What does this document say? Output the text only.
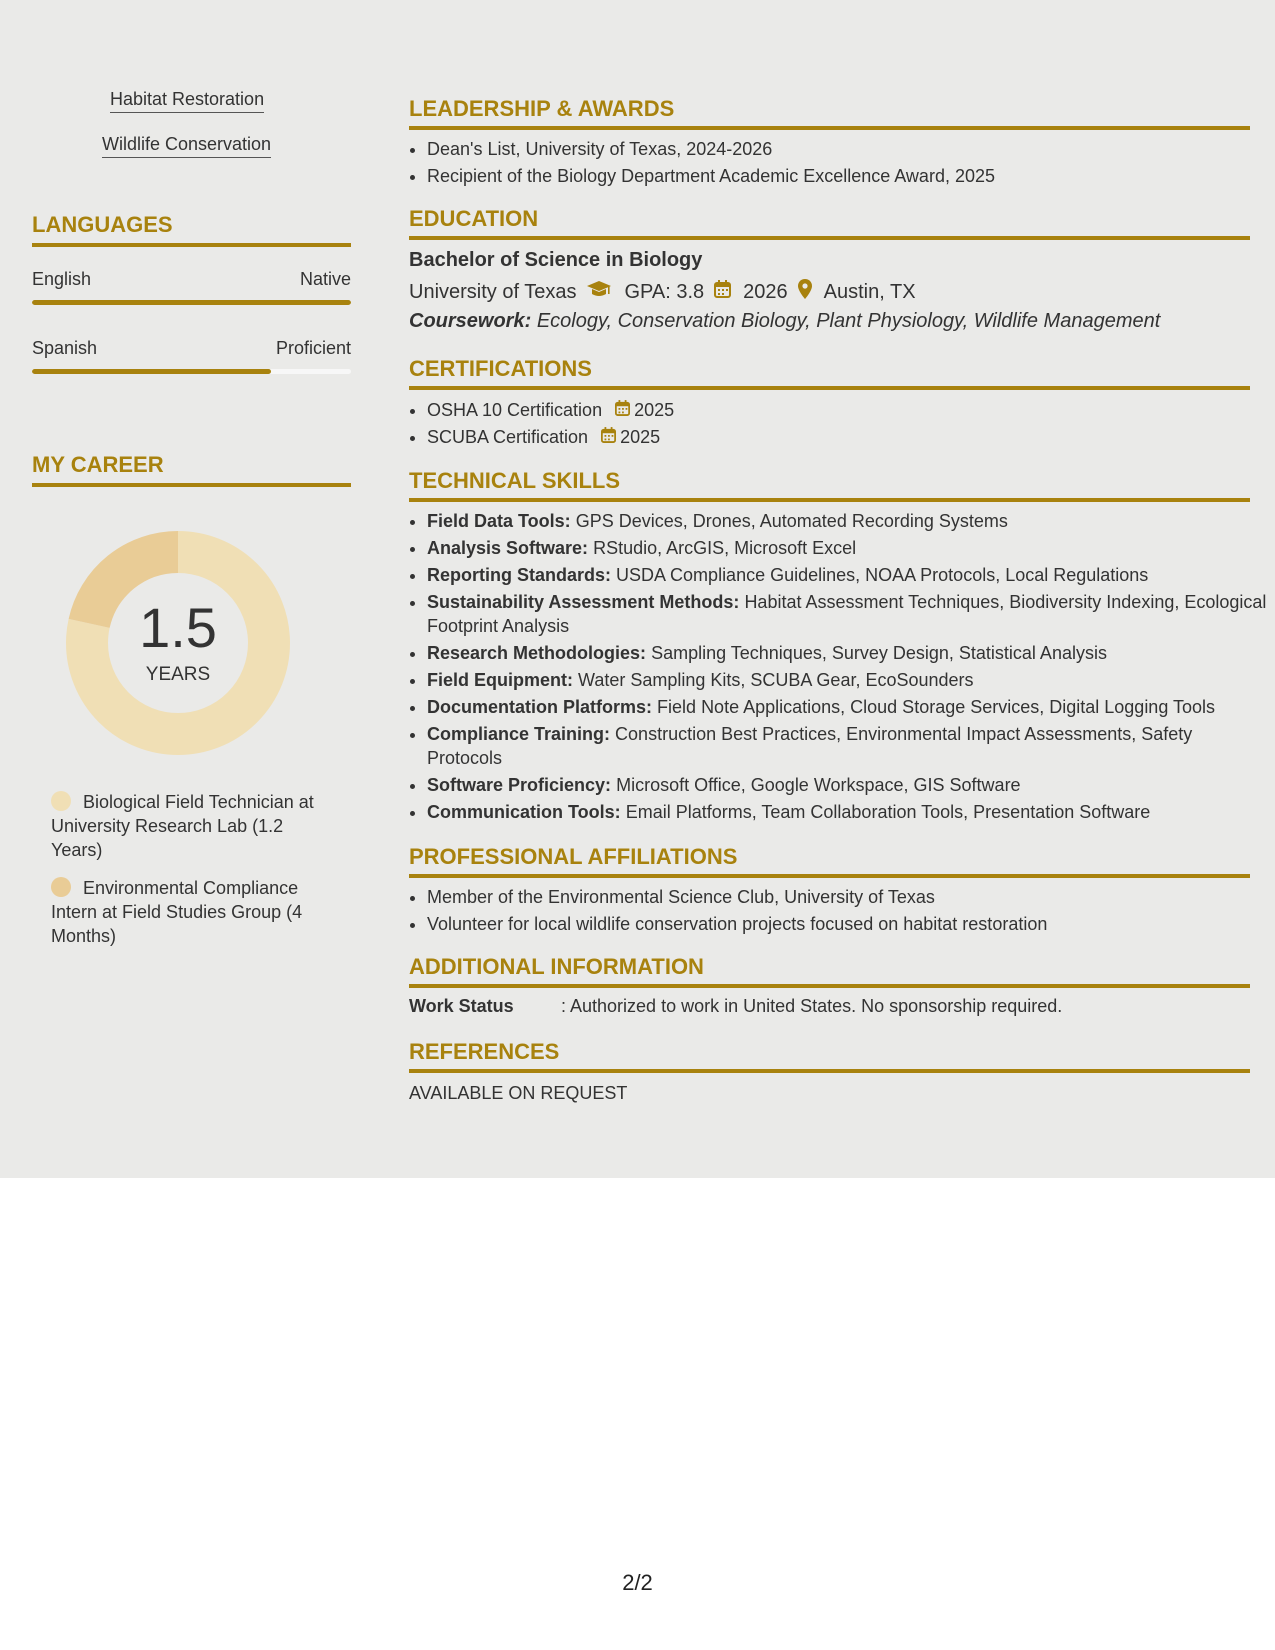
Habitat Restoration
Wildlife Conservation
LANGUAGES
English	Native
Spanish	Proficient
MY CAREER
1.5
YEARS
Biological Field Technician at University Research Lab (1.2 Years)
Environmental Compliance Intern at Field Studies Group (4 Months)
LEADERSHIP & AWARDS
• Dean's List, University of Texas, 2024-2026
• Recipient of the Biology Department Academic Excellence Award, 2025
EDUCATION
Bachelor of Science in Biology
University of Texas GPA: 3.8 2026 Austin, TX
Coursework: Ecology, Conservation Biology, Plant Physiology, Wildlife Management
CERTIFICATIONS
• OSHA 10 Certification 2025
• SCUBA Certification 2025
TECHNICAL SKILLS
• Field Data Tools: GPS Devices, Drones, Automated Recording Systems
• Analysis Software: RStudio, ArcGIS, Microsoft Excel
• Reporting Standards: USDA Compliance Guidelines, NOAA Protocols, Local Regulations
• Sustainability Assessment Methods: Habitat Assessment Techniques, Biodiversity Indexing, Ecological Footprint Analysis
• Research Methodologies: Sampling Techniques, Survey Design, Statistical Analysis
• Field Equipment: Water Sampling Kits, SCUBA Gear, EcoSounders
• Documentation Platforms: Field Note Applications, Cloud Storage Services, Digital Logging Tools
• Compliance Training: Construction Best Practices, Environmental Impact Assessments, Safety Protocols
• Software Proficiency: Microsoft Office, Google Workspace, GIS Software
• Communication Tools: Email Platforms, Team Collaboration Tools, Presentation Software
PROFESSIONAL AFFILIATIONS
• Member of the Environmental Science Club, University of Texas
• Volunteer for local wildlife conservation projects focused on habitat restoration
ADDITIONAL INFORMATION
Work Status	: Authorized to work in United States. No sponsorship required.
REFERENCES
AVAILABLE ON REQUEST
2/2
